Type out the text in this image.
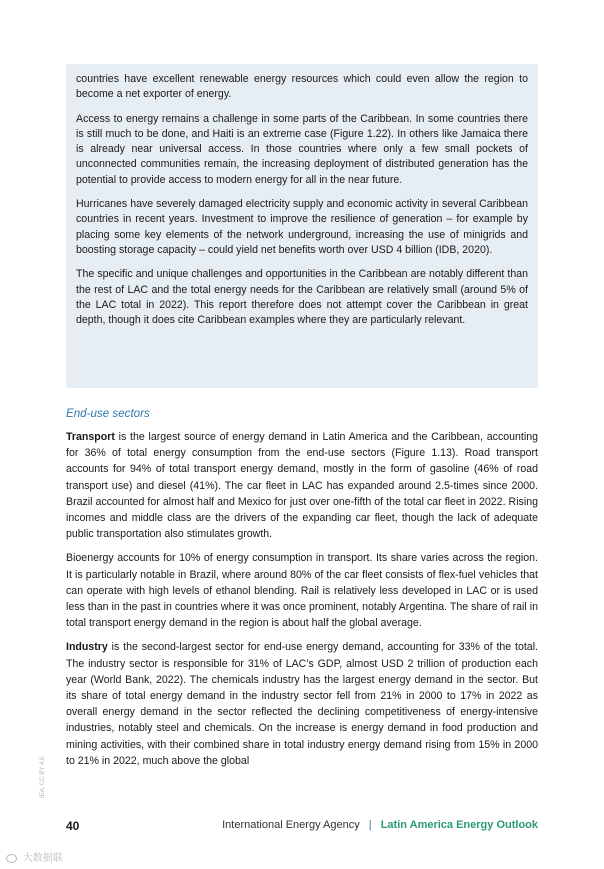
countries have excellent renewable energy resources which could even allow the region to become a net exporter of energy.

Access to energy remains a challenge in some parts of the Caribbean. In some countries there is still much to be done, and Haiti is an extreme case (Figure 1.22). In others like Jamaica there is already near universal access. In those countries where only a few small pockets of unconnected communities remain, the increasing deployment of distributed generation has the potential to provide access to modern energy for all in the near future.

Hurricanes have severely damaged electricity supply and economic activity in several Caribbean countries in recent years. Investment to improve the resilience of generation – for example by placing some key elements of the network underground, increasing the use of minigrids and boosting storage capacity – could yield net benefits worth over USD 4 billion (IDB, 2020).

The specific and unique challenges and opportunities in the Caribbean are notably different than the rest of LAC and the total energy needs for the Caribbean are relatively small (around 5% of the LAC total in 2022). This report therefore does not attempt cover the Caribbean in great depth, though it does cite Caribbean examples where they are particularly relevant.

End-use sectors

Transport is the largest source of energy demand in Latin America and the Caribbean, accounting for 36% of total energy consumption from the end-use sectors (Figure 1.13). Road transport accounts for 94% of total transport energy demand, mostly in the form of gasoline (46% of road transport use) and diesel (41%). The car fleet in LAC has expanded around 2.5-times since 2000. Brazil accounted for almost half and Mexico for just over one-fifth of the total car fleet in 2022. Rising incomes and middle class are the drivers of the expanding car fleet, though the lack of adequate public transportation also stimulates growth.

Bioenergy accounts for 10% of energy consumption in transport. Its share varies across the region. It is particularly notable in Brazil, where around 80% of the car fleet consists of flex-fuel vehicles that can operate with high levels of ethanol blending. Rail is relatively less developed in LAC or is used less than in the past in countries where it was once prominent, notably Argentina. The share of rail in total transport energy demand in the region is about half the global average.

Industry is the second-largest sector for end-use energy demand, accounting for 33% of the total. The industry sector is responsible for 31% of LAC’s GDP, almost USD 2 trillion of production each year (World Bank, 2022). The chemicals industry has the largest energy demand in the sector. But its share of total energy demand in the industry sector fell from 21% in 2000 to 17% in 2022 as overall energy demand in the sector reflected the declining competitiveness of energy-intensive industries, notably steel and chemicals. On the increase is energy demand in food production and mining activities, with their combined share in total industry energy demand rising from 15% in 2000 to 21% in 2022, much above the global

IEA. CC BY 4.0.
40	International Energy Agency | Latin America Energy Outlook
大数据联
